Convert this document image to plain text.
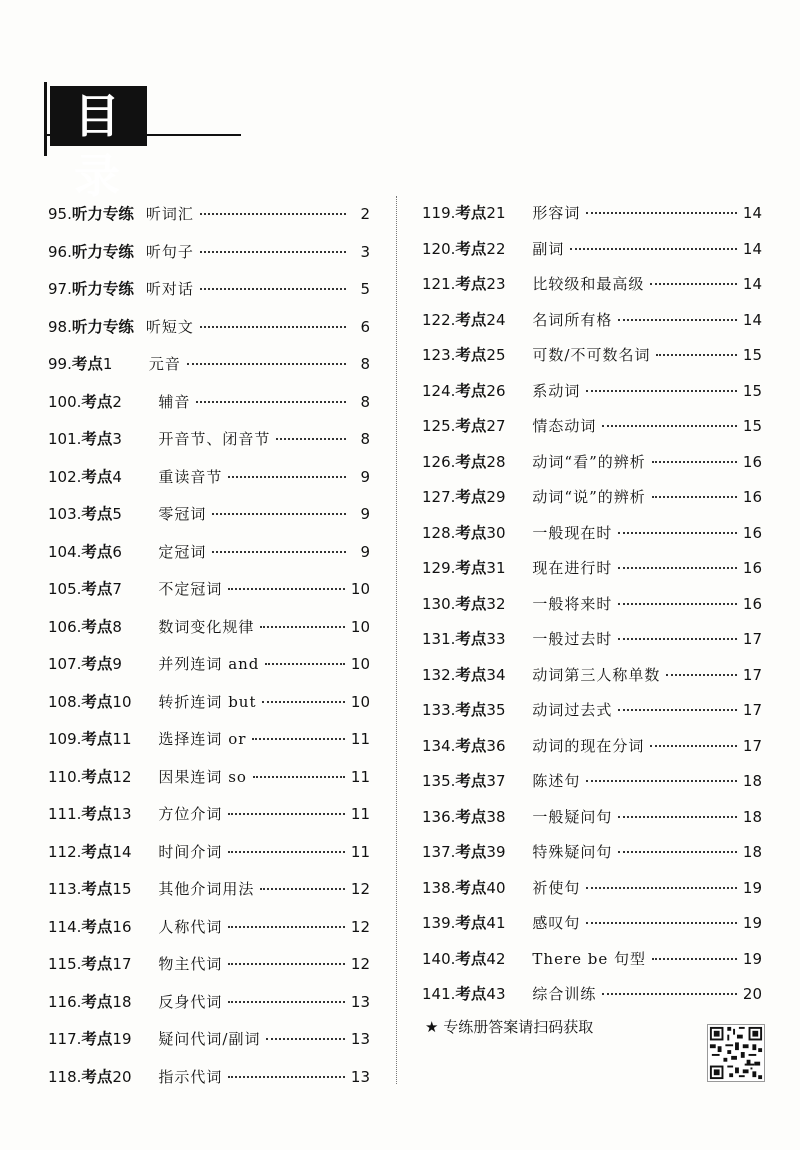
目录
95. 听力专练 听词汇	2
96. 听力专练 听句子	3
97. 听力专练 听对话	5
98. 听力专练 听短文	6
99. 考点 1	元音	8
100. 考点 2	辅音	8
101. 考点 3	开音节、闭音节	8
102. 考点 4	重读音节	9
103. 考点 5	零冠词	9
104. 考点 6	定冠词	9
105. 考点 7	不定冠词	10
106. 考点 8	数词变化规律	10
107. 考点 9	并列连词 and	10
108. 考点 10	转折连词 but	10
109. 考点 11	选择连词 or	11
110. 考点 12	因果连词 so	11
111. 考点 13	方位介词	11
112. 考点 14	时间介词	11
113. 考点 15	其他介词用法	12
114. 考点 16	人称代词	12
115. 考点 17	物主代词	12
116. 考点 18	反身代词	13
117. 考点 19	疑问代词/副词	13
118. 考点 20	指示代词	13
119. 考点 21	形容词	14
120. 考点 22	副词	14
121. 考点 23	比较级和最高级	14
122. 考点 24	名词所有格	14
123. 考点 25	可数/不可数名词	15
124. 考点 26	系动词	15
125. 考点 27	情态动词	15
126. 考点 28	动词“看”的辨析	16
127. 考点 29	动词“说”的辨析	16
128. 考点 30	一般现在时	16
129. 考点 31	现在进行时	16
130. 考点 32	一般将来时	16
131. 考点 33	一般过去时	17
132. 考点 34	动词第三人称单数	17
133. 考点 35	动词过去式	17
134. 考点 36	动词的现在分词	17
135. 考点 37	陈述句	18
136. 考点 38	一般疑问句	18
137. 考点 39	特殊疑问句	18
138. 考点 40	祈使句	19
139. 考点 41	感叹句	19
140. 考点 42	There be 句型	19
141. 考点 43	综合训练	20
★ 专练册答案请扫码获取
